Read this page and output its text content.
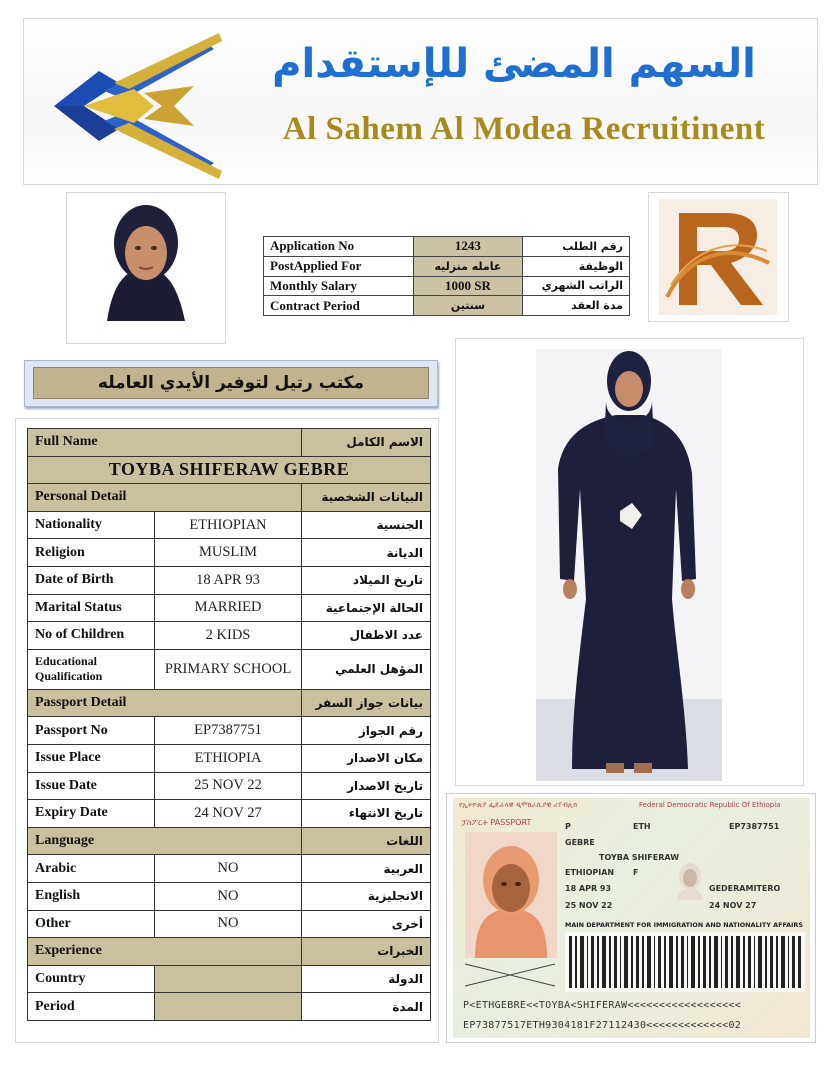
السهم المضئ للإستقدام
Al Sahem Al Modea Recruitinent
Application No	1243	رقم الطلب
PostApplied For	عامله منزليه	الوظيفة
Monthly Salary	1000 SR	الراتب الشهري
Contract Period	سنتين	مدة العقد
مكتب رتيل لتوفير الأيدي العامله
Full Name		الاسم الكامل
TOYBA SHIFERAW GEBRE		
Personal Detail		البيانات الشخصية
Nationality	ETHIOPIAN	الجنسية
Religion	MUSLIM	الديانة
Date of Birth	18 APR 93	تاريخ الميلاد
Marital Status	MARRIED	الحالة الإجتماعية
No of Children	2 KIDS	عدد الاطفال
Educational Qualification	PRIMARY SCHOOL	المؤهل العلمي
Passport Detail		بيانات جواز السفر
Passport No	EP7387751	رقم الجواز
Issue Place	ETHIOPIA	مكان الاصدار
Issue Date	25 NOV 22	تاريخ الاصدار
Expiry Date	24 NOV 27	تاريخ الانتهاء
Language		اللغات
Arabic	NO	العربية
English	NO	الانجليزية
Other	NO	أخرى
Experience		الخبرات
Country		الدولة
Period		المدة
የኢትዮጵያ ፌዴራላዊ ዲሞክራሲያዊ ሪፐብሊክ	Federal Democratic Republic Of Ethiopia
ፓስፖርት PASSPORT	P	ETH	EP7387751
GEBRE
TOYBA SHIFERAW
ETHIOPIAN F
18 APR 93	GEDERAMITERO
25 NOV 22	24 NOV 27
MAIN DEPARTMENT FOR IMMIGRATION AND NATIONALITY AFFAIRS
P<ETHGEBRE<<TOYBA<SHIFERAW<<<<<<<<<<<<<<<<<<
EP73877517ETH9304181F27112430<<<<<<<<<<<<<02
